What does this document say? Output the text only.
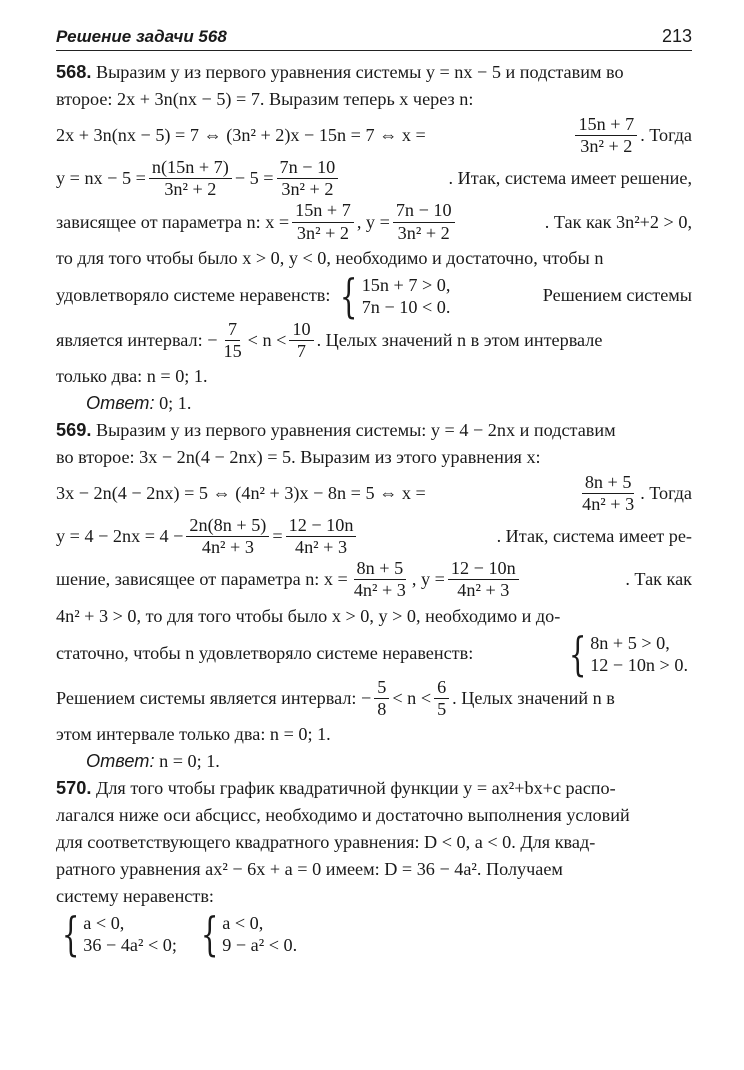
Решение задачи 568	213

568. Выразим y из первого уравнения системы y = nx − 5 и подставим во

второе: 2x + 3n(nx − 5) = 7. Выразим теперь x через n:

2x + 3n(nx − 5) = 7 ⇔ (3n² + 2)x − 15n = 7 ⇔ x =	$\frac{15n + 7}{\text{3n² + 2}}$ . Тогда
y = nx − $5 = \frac{n(15n + 7)}{\text{3n² + 2}} - 5 = \frac{7n - 10}{\text{3n² + 2}}$	. Итак, система имеет решение,
зависящее от параметра n: $x = \frac{15n + 7}{\text{3n² + 2}}$ , $y = \frac{7n - 10}{\text{3n² + 2}}$	. Так как 3n²+2 > 0,

то для того чтобы было x > 0, y < 0, необходимо и достаточно, чтобы n

удовлетворяло системе неравенств: { 15n + 7 > 0,
7n − 10 < 0.
Решением системы
является интервал: − $\frac{7}{15} < n < \frac{10}{7}$ . Целых значений n в этом интервале

только два: n = 0; 1.

Ответ: 0; 1.

569. Выразим y из первого уравнения системы: y = 4 − 2nx и подставим

во второе: 3x − 2n(4 − 2nx) = 5. Выразим из этого уравнения x:

3x − 2n(4 − 2nx) = 5 ⇔ (4n² + 3)x − 8n = 5 ⇔ x =	$\frac{8n + 5}{\text{4n² + 3}}$ . Тогда
$y = 4 - 2nx = 4 - \frac{2n(8n + 5)}{\text{4n² + 3}} = \frac{12 - 10n}{\text{4n² + 3}}$	. Итак, система имеет ре-
шение, зависящее от параметра n: $x = \frac{8n + 5}{\text{4n² + 3}}$ , $y = \frac{12 - 10n}{\text{4n² + 3}}$	. Так как

4n² + 3 > 0, то для того чтобы было x > 0, y > 0, необходимо и до-

статочно, чтобы n удовлетворяло системе неравенств: { 8n + 5 > 0,
12 − 10n > 0.
Решением системы является интервал: − $\frac{5}{8} < n < \frac{6}{5}$ . Целых значений n в

этом интервале только два: n = 0; 1.

Ответ: n = 0; 1.

570. Для того чтобы график квадратичной функции y = ax²+bx+c распо-

лагался ниже оси абсцисс, необходимо и достаточно выполнения условий

для соответствующего квадратного уравнения: D < 0, a < 0. Для квад-

ратного уравнения ax² − 6x + a = 0 имеем: D = 36 − 4a². Получаем

систему неравенств:

{ a < 0,
36 − 4a² < 0; { a < 0,
9 − a² < 0.
